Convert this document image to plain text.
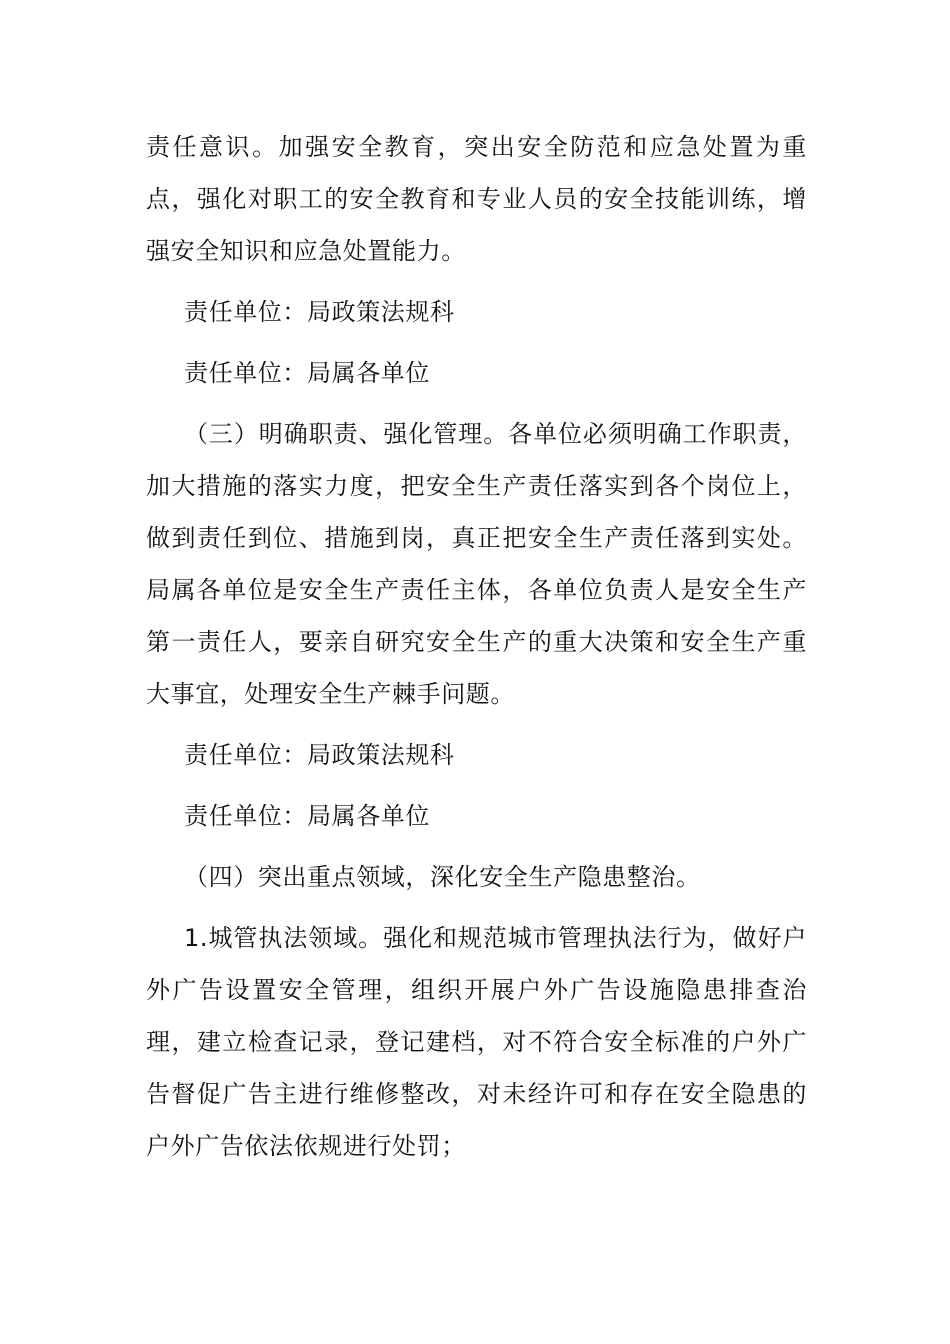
责任意识。加强安全教育，突出安全防范和应急处置为重点，强化对职工的安全教育和专业人员的安全技能训练，增强安全知识和应急处置能力。

责任单位：局政策法规科

责任单位：局属各单位

（三）明确职责、强化管理。各单位必须明确工作职责，加大措施的落实力度，把安全生产责任落实到各个岗位上，做到责任到位、措施到岗，真正把安全生产责任落到实处。局属各单位是安全生产责任主体，各单位负责人是安全生产第一责任人，要亲自研究安全生产的重大决策和安全生产重大事宜，处理安全生产棘手问题。

责任单位：局政策法规科

责任单位：局属各单位

（四）突出重点领域，深化安全生产隐患整治。

1.城管执法领域。强化和规范城市管理执法行为，做好户外广告设置安全管理，组织开展户外广告设施隐患排查治理，建立检查记录，登记建档，对不符合安全标准的户外广告督促广告主进行维修整改，对未经许可和存在安全隐患的户外广告依法依规进行处罚；
